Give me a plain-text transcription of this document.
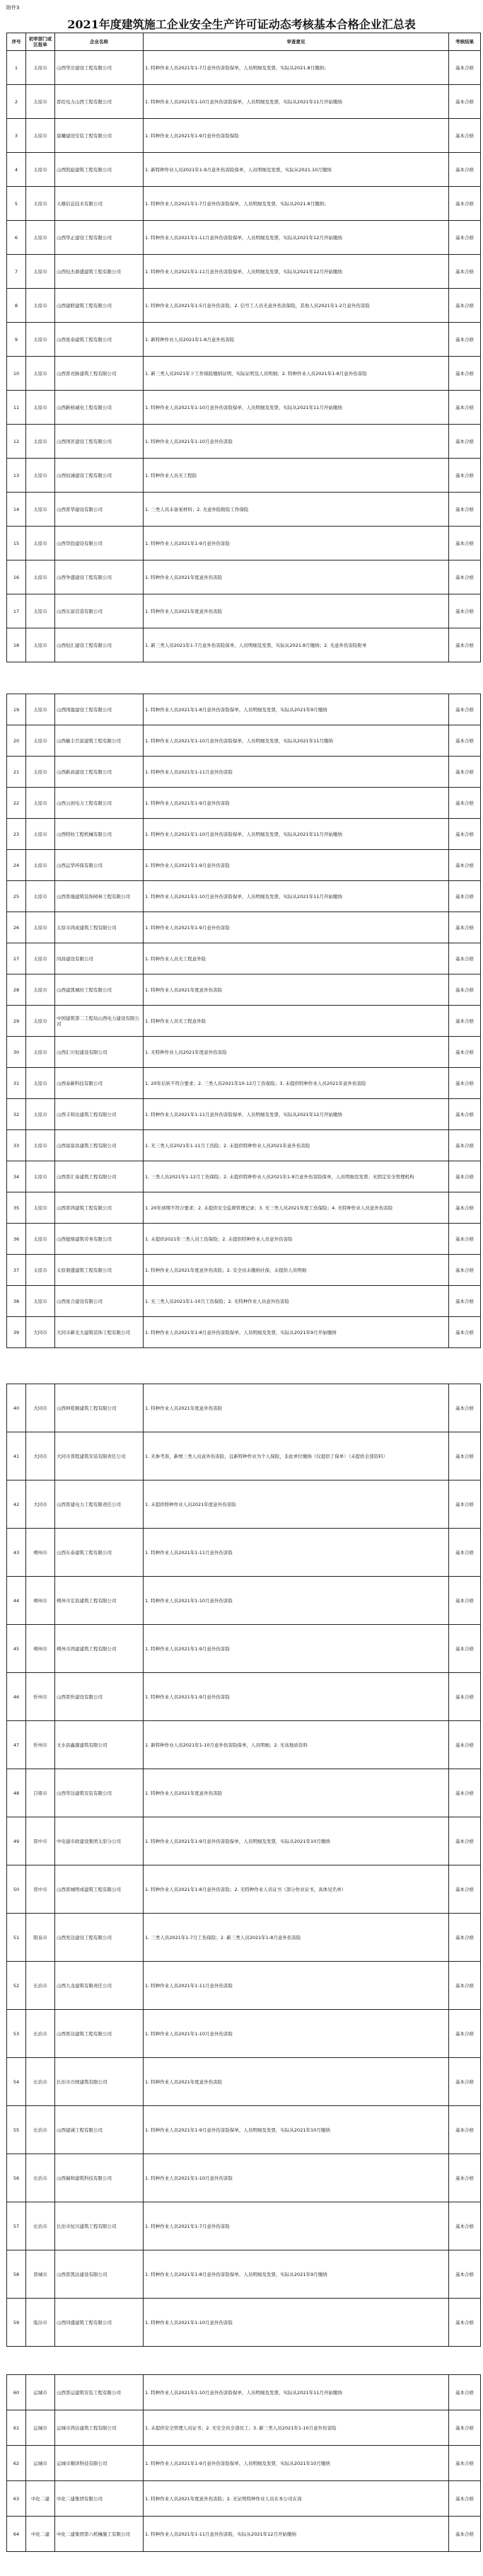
附件3
2021年度建筑施工企业安全生产许可证动态考核基本合格企业汇总表
序号	初审部门或区报单	企业名称	审查意见	考核结果
1	太原市	山西华岳建设工程有限公司	1. 特种作业人员2021年1-7月意外伤害险保单，人员明细及发票，实际从2021.8月缴纳；	基本合格
2	太原市	晋控电力山西工程有限公司	1. 特种作业人员2021年1-10月意外伤害险保单，人员明细及发票，实际从2021年11月开始缴纳	基本合格
3	太原市	晨曦建设安装工程有限公司	1. 特种作业人员2021年1-9月意外伤害险保险	基本合格
4	太原市	山西凯旋建筑工程有限公司	1. 新特种作业人员2021年1-9月意外伤害险保单，人员明细及发票，实际从2021.10月缴纳	基本合格
5	太原市	天雄信息技术有限公司	1. 特种作业人员2021年1-7月意外伤害险保单，人员明细及发票，实际从2021.8月缴纳；	基本合格
6	太原市	山西华正建设工程有限公司	1. 特种作业人员2021年1-11月意外伤害险保单，人员明细及发票，实际从2021年12月开始缴纳	基本合格
7	太原市	山西恒杰鼎盛建筑工程有限公司	1. 特种作业人员2021年1-11月意外伤害险保单，人员明细及发票，实际从2021年12月开始缴纳	基本合格
8	太原市	山西建联建筑工程有限公司	1. 特种作业人员2021年1-5月意外伤害险，2. 信号工人员无意外伤害保险，其他人员2021年1-2月意外伤害险	基本合格
9	太原市	山西星泰建筑工程有限公司	1. 新特种作业人员2021年1-8月意外伤害险	基本合格
10	太原市	山西晋亮脉建筑工程有限公司	1. 新三类人员2021年下工作保险缴纳证明，实际证明及人员明细；2. 特种作业人员2021年1-8月意外伤害险	基本合格
11	太原市	山西新杨诚电工程有限公司	1. 特种作业人员2021年1-10月意外伤害险保单，人员明细及发票，实际从2021年11月开始缴纳	基本合格
12	太原市	山西国茗建设工程有限公司	1. 特种作业人员2021年1-10月意外伤害险	基本合格
13	太原市	山西恒诚建设工程有限公司	1. 特种作业人员无工程险	基本合格
14	太原市	山西晋华建设有限公司	1. 三类人员未备案材料；2. 无意外险附险工作保险	基本合格
15	太原市	山西华投建设有限公司	1. 特种作业人员2021年1-9月意外伤害险	基本合格
16	太原市	山西争盛建设工程有限公司	1. 特种作业人员2021年度意外伤害险	基本合格
17	太原市	山西东富营造有限公司	1. 特种作业人员2021年度意外伤害险	基本合格
18	太原市	山西恒汇建设工程有限公司	1. 新三类人员2021年1-7月意外伤害险保单，人员明细及发票，实际从2021.8月缴纳；2. 无意外伤害险附单	基本合格
19	太原市	山西国盈建设工程有限公司	1. 特种作业人员2021年1-8月意外伤害险保单，人员明细及发票，实际从2021年9月缴纳	基本合格
20	太原市	山西榆丰百富建筑工程有限公司	1. 特种作业人员2021年1-10月意外伤害险保单，人员明细及发票，实际从2021年11月缴纳	基本合格
21	太原市	山西新昌建设工程有限公司	1. 特种作业人员2021年1-11月意外伤害险	基本合格
22	太原市	山西云创电力工程有限公司	1. 特种作业人员2021年1-9月意外伤害险	基本合格
23	太原市	山西特纺工程机械有限公司	1. 特种作业人员2021年1-10月意外伤害险保单，人员明细及发票，实际从2021年11月开始缴纳	基本合格
24	太原市	山西运华环保有限公司	1. 特种作业人员2021年1-9月意外伤害险	基本合格
25	太原市	山西晋晟建筑装饰园林工程有限公司	1. 特种作业人员2021年1-10月意外伤害险保单，人员明细及发票，实际从2021年11月开始缴纳	基本合格
26	太原市	太原市鸿成建筑工程有限公司	1. 特种作业人员2021年1-9月意外伤害险	基本合格
27	太原市	同昌建设有限公司	1. 特种作业人员无工程意外险	基本合格
28	太原市	山西建凯城坊工程有限公司	1. 特种作业人员2021年度意外伤害险	基本合格
29	太原市	中国建筑第二工程局山西电力建设有限公司	1. 特种作业人员无工程意外险	基本合格
30	太原市	山西汇川恒建设有限公司	1. 无特种作业人员2021年度意外伤害险	基本合格
31	太原市	山西泰新科技有限公司	1. 20年后转不符合要求；2. 三类人员2021年10-12月工伤保险；3. 未提供特种作业人员2021年意外伤害险	基本合格
32	太原市	山西丰和达建筑工程有限公司	1. 特种作业人员2021年1-11月意外伤害险保单，人员明细及发票，实际从2021年12月开始缴纳	基本合格
33	太原市	山西富富昌建筑工程有限公司	1. 无三类人员2021年1-11月工伤险；2. 未提供特种作业人员2021年意外伤害险	基本合格
34	太原市	山西晋汇泰建筑工程有限公司	1. 三类人员2021年1-12月工伤保险；2. 未提供特种作业人员2021年1-9月意外伤害险保单，人员明细及发票；无固定安全管理机构	基本合格
35	太原市	山西晋鸿建筑工程有限公司	1. 20年到期不符合要求；2. 未提供安全监督管理记录；3. 无三类人员2021年度工伤保险；4. 无特种作业人员意外伤害险	基本合格
36	太原市	山西德鼎建筑劳务有限公司	1. 未提供2021年三类人员工伤保险；2. 未提供特种作业人员意外伤害险	基本合格
37	太原市	太原鼎盛建筑工程有限公司	1. 特种作业人员2021年度意外伤害险；2. 安全员未缴纳社保，未提供人员明细	基本合格
38	太原市	山西星合建设有限公司	1. 无三类人员2021年1-10月工伤保险；2. 无特种作业人员意外伤害险	基本合格
39	大同市	大同市新光大建筑装饰工程有限公司	1. 特种作业人员2021年1-8月意外伤害险保单，人员明细及发票，实际从2021年9月开始缴纳	基本合格
40	大同市	山西坤乾顺建筑工程有限公司	1. 特种作业人员2021年度意外伤害险	基本合格
41	大同市	大同市晋程建筑安装有限责任公司	1. 无参考准，新增三类人员意外伤害险，且新特种作业为个人保险，非此单位缴纳（仅提供了保单）（未提供全部资料）	基本合格
42	大同市	山西晋建电力工程有限责任公司	1. 未提供特种作业人员2021年度意外伤害险	基本合格
43	朔州市	山西东泰建筑工程有限公司	1. 特种作业人员2021年1-11月意外伤害险	基本合格
44	朔州市	朔州市宏昌建筑工程有限公司	1. 特种作业人员2021年1-10月意外伤害险	基本合格
45	朔州市	朔州市鸿建建筑工程有限公司	1. 特种作业人员2021年1-9月意外伤害险	基本合格
46	忻州市	山西晋忻建设有限公司	1. 特种作业人员2021年1-9月意外伤害险	基本合格
47	忻州市	文水县鑫源建筑有限公司	1. 新特种作业人员2021年1-10月意外伤害险保单，人员明细；2. 无该地质资料	基本合格
48	吕梁市	山西华达建筑安装有限公司	1. 特种作业人员2021年度意外伤害险	基本合格
49	晋中市	中电建市政建设集团太原分公司	1. 特种作业人员2021年1-9月意外伤害险保单，人员明细及发票，实际从2021年10月缴纳	基本合格
50	晋中市	山西晋城明成建筑工程有限公司	1. 特种作业人员2021年1-8月意外伤害险；2. 无特种作业人员证书（部分作业证书，具体见名单）	基本合格
51	阳泉市	山西发达建设工程有限公司	1. 三类人员2021年1-7月工伤保险；2. 新三类人员2021年1-8月意外伤害险	基本合格
52	长治市	山西九龙建筑有限责任公司	1. 特种作业人员2021年1-11月意外伤害险	基本合格
53	长治市	山西晋达建筑工程有限公司	1. 特种作业人员2021年1-10月意外伤害险	基本合格
54	长治市	长治市方园建筑有限公司	1. 特种作业人员2021年度意外伤害险	基本合格
55	长治市	山西建诚工程有限公司	1. 特种作业人员2021年1-9月意外伤害险保单，人员明细及发票，实际从2021年10月缴纳	基本合格
56	长治市	山西瑞和建筑科技有限公司	1. 特种作业人员2021年1-10月意外伤害险	基本合格
57	长治市	长治市恒兴建筑工程有限公司	1. 特种作业人员2021年1-7月意外伤害险	基本合格
58	晋城市	山西晋凯达建设有限公司	1. 特种作业人员2021年1-8月意外伤害险保单，人员明细及发票，实际从2021年9月缴纳	基本合格
59	临汾市	山西同盛建筑工程有限公司	1. 特种作业人员2021年1-10月意外伤害险	基本合格
60	运城市	山西晋运建筑安装工程有限公司	1. 特种作业人员2021年1-10月意外伤害险保单，人员明细及发票，实际从2021年11月开始缴纳	基本合格
61	运城市	运城市鸿达建筑工程有限公司	1. 未提供安全管理人员证书；2. 无安全员全部员工；3. 新三类人员2021年1-10月意外伤害险	基本合格
62	运城市	运城市顺泽科技有限公司	1. 特种作业人员2021年1-9月意外伤害险保单，人员明细及发票，实际从2021年10月缴纳	基本合格
63	中化二建	中化二建集团有限公司	1. 特种作业人员2021年度意外伤害险；2. 无证明特种作业人员在本公司在岗	基本合格
64	中化二建	中化二建集团第六机械施工有限公司	1. 特种作业人员2021年1-11月意外伤害险，实际从2021年12月开始缴纳	基本合格
